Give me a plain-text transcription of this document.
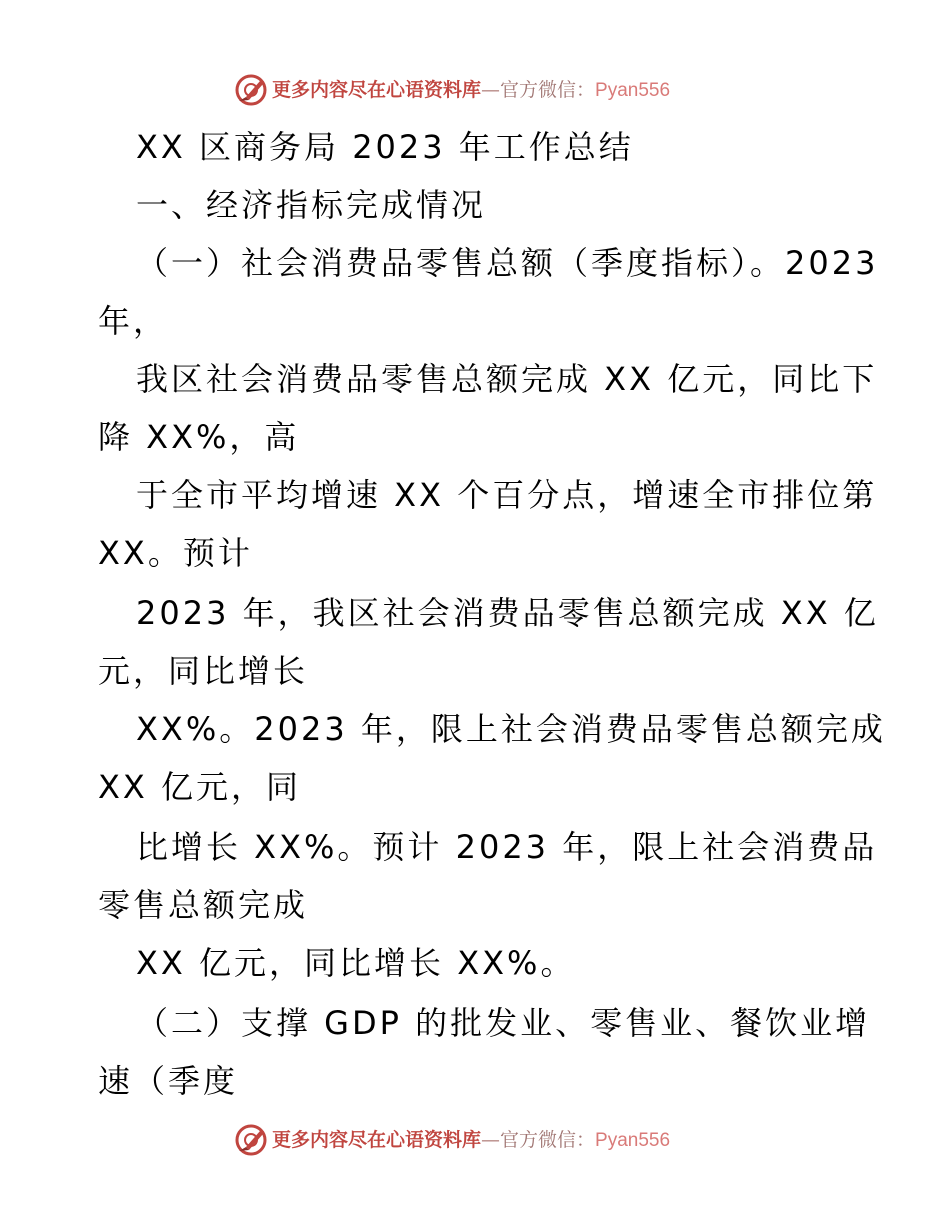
更多内容尽在心语资料库—官方微信：Pyan556
XX 区商务局 2023 年工作总结
一、经济指标完成情况
（一）社会消费品零售总额（季度指标）。2023
年，
我区社会消费品零售总额完成 XX 亿元，同比下
降 XX%，高
于全市平均增速 XX 个百分点，增速全市排位第
XX。预计
2023 年，我区社会消费品零售总额完成 XX 亿
元，同比增长
XX%。2023 年，限上社会消费品零售总额完成
XX 亿元，同
比增长 XX%。预计 2023 年，限上社会消费品
零售总额完成
XX 亿元，同比增长 XX%。
（二）支撑 GDP 的批发业、零售业、餐饮业增
速（季度
更多内容尽在心语资料库—官方微信：Pyan556
